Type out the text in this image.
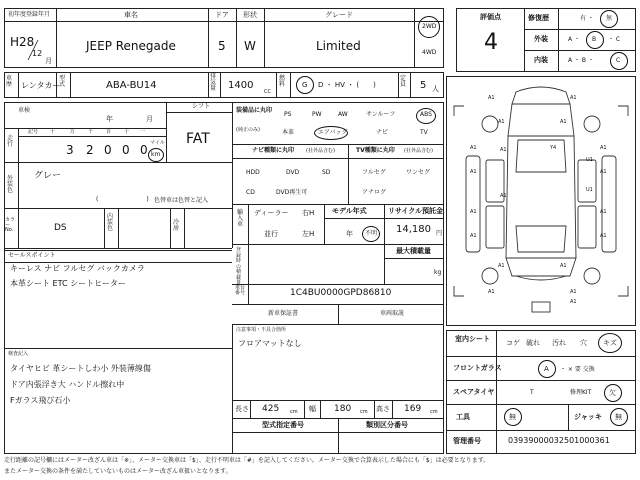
初年度登録年月
H28
12
月
車名
JEEP Renegade
ドア
5
形状
W
グレード
Limited
2WD
4WD
車歴 レンタカー
型式	ABA-BU14
排気量 1400
CC
燃料 G D ・ HV ・ (　　)
定員 5 人
車検
年	月
シフト
FAT
走行
記号 十	万	千	百	十 一
3 2 0 0 0 マイル
km
外装色
グレー
(　　　　　　　　) 色替車は色替と記入
カラーNo.	DS
内装色
冷房
装備品に丸印
(純正のみ)
PS	PW	AW	サンルーフ	ABS
本革	エアバッグ	ナビ	TV
ナビ種類に丸印 (社外品含む)
HDD	DVD	SD
CD	DVD再生可
TV種類に丸印 (社外品含む)
フルセグ	ワンセグ
アナログ
輸入車
ディーラー
並行
右H
左H
モデル年式
年 不明
リサイクル預託金
14,180 円
登録時の積載量
最大積載量
kg
セールスポイント
キーレス ナビ フルセグ バックカメラ
本革シート ETC シートヒーター	車台番号	1C4BU0000GPD86810
新車保証書	車両取説
注意事項・不具合箇所
フロアマットなし
検査記入
タイヤヒビ 革シートしわ小 外装薄線傷
ドア内張浮き大 ハンドル擦れ中
Fガラス飛び石小
長さ 425 cm 幅 180 cm 高さ 169 cm
型式指定番号	類別区分番号
評価点
4
修復歴	有 ・ 無
外装	A ・ B ・ C
内装	A ・ B ・	C
A1	A1
A1	A1
A1	A1
A1	A1
A1	A1
A1	A1
A1	A1
A1	A1
U1
U1
A1
A1
Y4
A1
室内シート コゲ 破れ 汚れ 穴 キズ
フロントガラス	A ・ × 要 交換
スペアタイヤ	T	修理KIT	欠
工具	無	ジャッキ 無
管理番号	0393900003250100036​1
走行距離の記号欄にはメーター改ざん車は「※」、メーター交換車は「$」、走行不明車は「#」を記入してください。メーター交換で合算表示した場合にも「$」は必要となります。
またメーター交換の条件を満たしていないものはメーター改ざん車扱いとなります。
